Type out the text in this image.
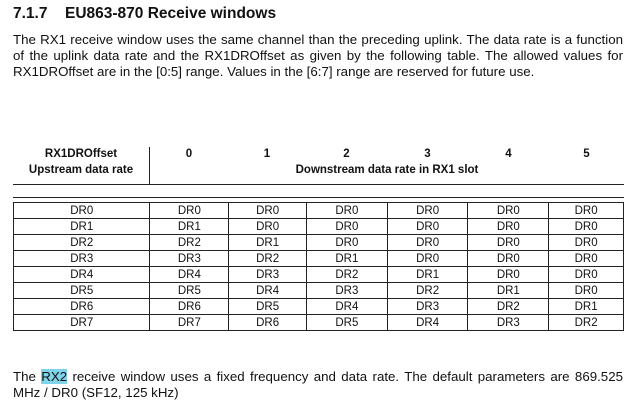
7.1.7 EU863-870 Receive windows
The RX1 receive window uses the same channel than the preceding uplink. The data rate is a function of the uplink data rate and the RX1DROffset as given by the following table. The allowed values for RX1DROffset are in the [0:5] range. Values in the [6:7] range are reserved for future use.
RX1DROffset
Upstream data rate
0	1	2	3	4	5
Downstream data rate in RX1 slot
DR0	DR0	DR0	DR0	DR0	DR0	DR0
DR1	DR1	DR0	DR0	DR0	DR0	DR0
DR2	DR2	DR1	DR0	DR0	DR0	DR0
DR3	DR3	DR2	DR1	DR0	DR0	DR0
DR4	DR4	DR3	DR2	DR1	DR0	DR0
DR5	DR5	DR4	DR3	DR2	DR1	DR0
DR6	DR6	DR5	DR4	DR3	DR2	DR1
DR7	DR7	DR6	DR5	DR4	DR3	DR2
The RX2 receive window uses a fixed frequency and data rate. The default parameters are 869.525 MHz / DR0 (SF12, 125 kHz)
